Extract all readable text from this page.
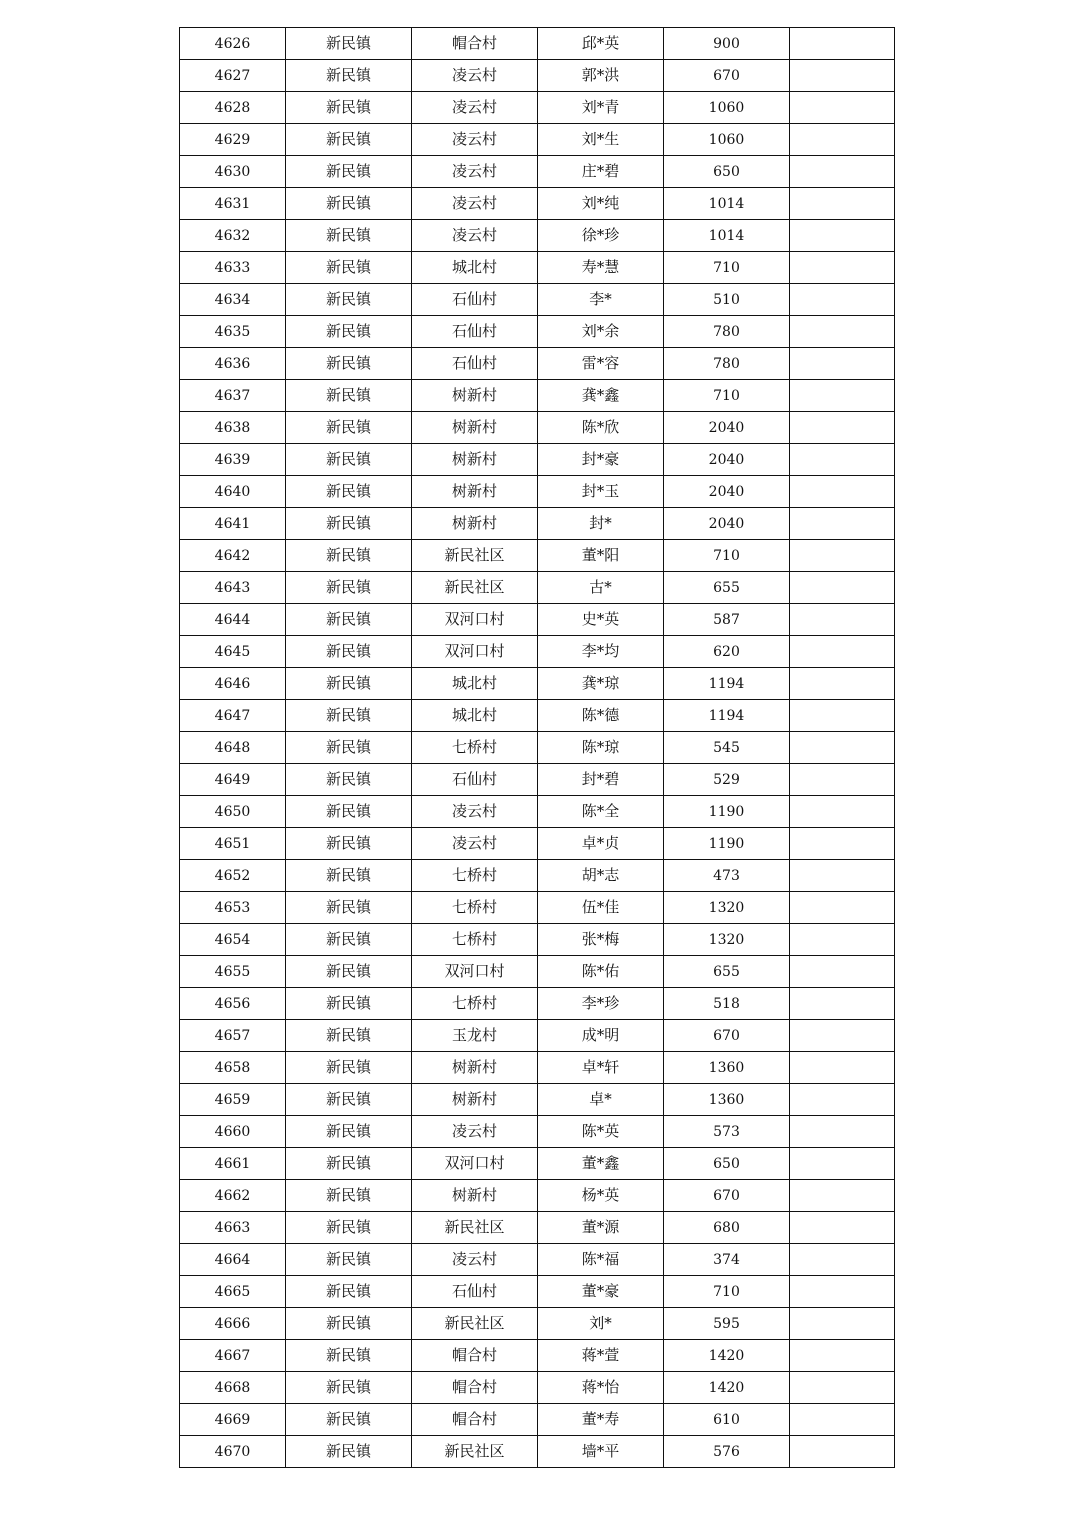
4626	新民镇	帽合村	邱*英	900	
4627	新民镇	凌云村	郭*洪	670	
4628	新民镇	凌云村	刘*青	1060	
4629	新民镇	凌云村	刘*生	1060	
4630	新民镇	凌云村	庄*碧	650	
4631	新民镇	凌云村	刘*纯	1014	
4632	新民镇	凌云村	徐*珍	1014	
4633	新民镇	城北村	寿*慧	710	
4634	新民镇	石仙村	李*	510	
4635	新民镇	石仙村	刘*余	780	
4636	新民镇	石仙村	雷*容	780	
4637	新民镇	树新村	龚*鑫	710	
4638	新民镇	树新村	陈*欣	2040	
4639	新民镇	树新村	封*豪	2040	
4640	新民镇	树新村	封*玉	2040	
4641	新民镇	树新村	封*	2040	
4642	新民镇	新民社区	董*阳	710	
4643	新民镇	新民社区	古*	655	
4644	新民镇	双河口村	史*英	587	
4645	新民镇	双河口村	李*均	620	
4646	新民镇	城北村	龚*琼	1194	
4647	新民镇	城北村	陈*德	1194	
4648	新民镇	七桥村	陈*琼	545	
4649	新民镇	石仙村	封*碧	529	
4650	新民镇	凌云村	陈*全	1190	
4651	新民镇	凌云村	卓*贞	1190	
4652	新民镇	七桥村	胡*志	473	
4653	新民镇	七桥村	伍*佳	1320	
4654	新民镇	七桥村	张*梅	1320	
4655	新民镇	双河口村	陈*佑	655	
4656	新民镇	七桥村	李*珍	518	
4657	新民镇	玉龙村	成*明	670	
4658	新民镇	树新村	卓*轩	1360	
4659	新民镇	树新村	卓*	1360	
4660	新民镇	凌云村	陈*英	573	
4661	新民镇	双河口村	董*鑫	650	
4662	新民镇	树新村	杨*英	670	
4663	新民镇	新民社区	董*源	680	
4664	新民镇	凌云村	陈*福	374	
4665	新民镇	石仙村	董*豪	710	
4666	新民镇	新民社区	刘*	595	
4667	新民镇	帽合村	蒋*萱	1420	
4668	新民镇	帽合村	蒋*怡	1420	
4669	新民镇	帽合村	董*寿	610	
4670	新民镇	新民社区	墙*平	576	
